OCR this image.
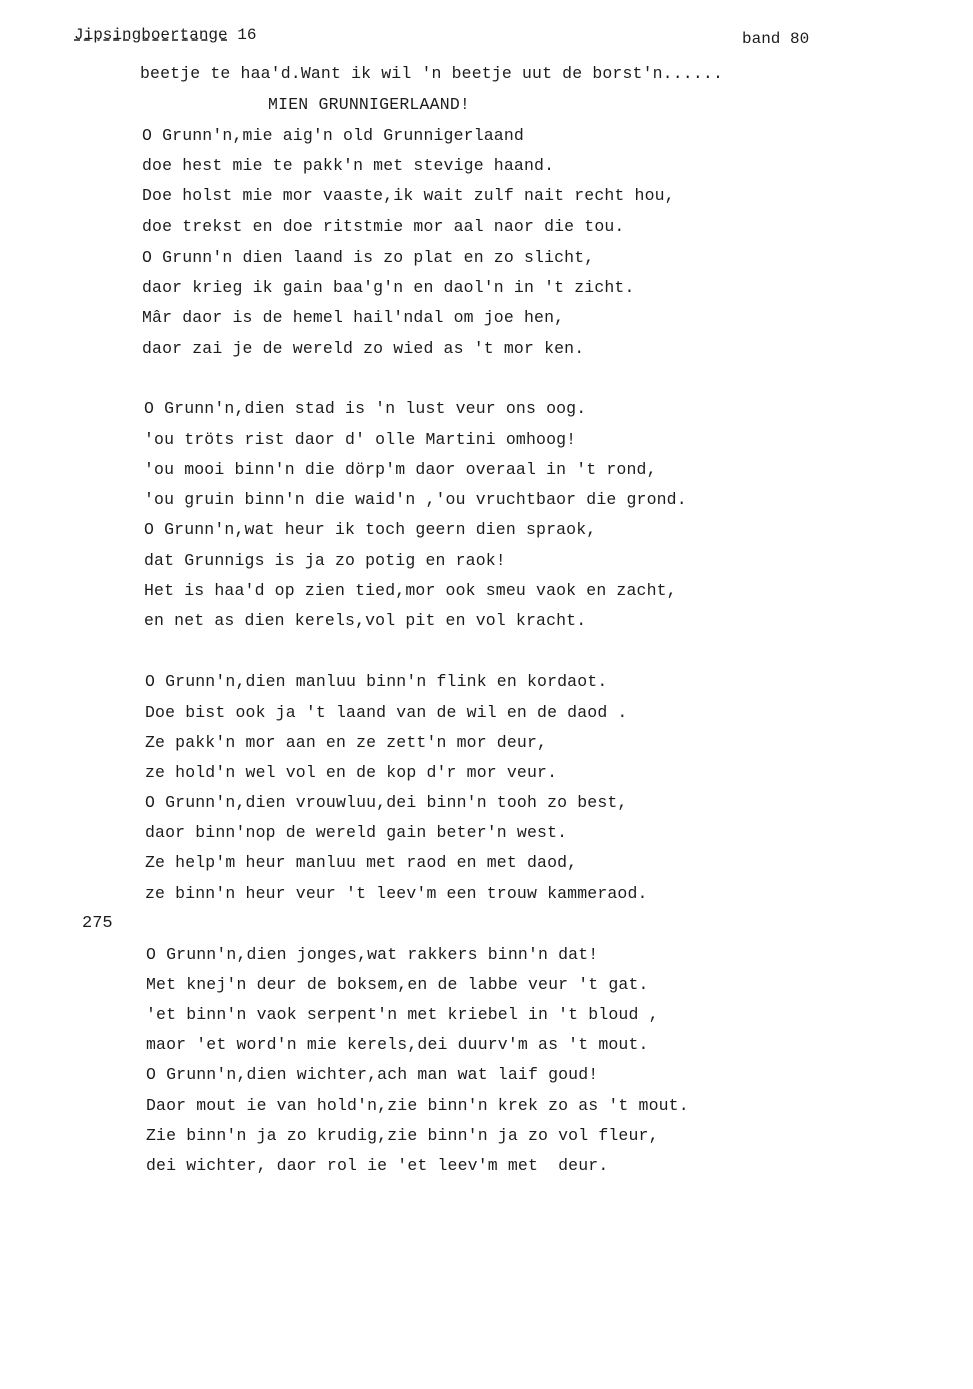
Jipsingboertange 16	band 80
beetje te haa'd.Want ik wil 'n beetje uut de borst'n......
MIEN GRUNNIGERLAAND!
O Grunn'n,mie aig'n old Grunnigerlaand
doe hest mie te pakk'n met stevige haand.
Doe holst mie mor vaaste,ik wait zulf nait recht hou,
doe trekst en doe ritstmie mor aal naor die tou.
O Grunn'n dien laand is zo plat en zo slicht,
daor krieg ik gain baa'g'n en daol'n in 't zicht.
Mâr daor is de hemel hail'ndal om joe hen,
daor zai je de wereld zo wied as 't mor ken.
O Grunn'n,dien stad is 'n lust veur ons oog.
'ou tröts rist daor d' olle Martini omhoog!
'ou mooi binn'n die dörp'm daor overaal in 't rond,
'ou gruin binn'n die waid'n ,'ou vruchtbaor die grond.
O Grunn'n,wat heur ik toch geern dien spraok,
dat Grunnigs is ja zo potig en raok!
Het is haa'd op zien tied,mor ook smeu vaok en zacht,
en net as dien kerels,vol pit en vol kracht.
O Grunn'n,dien manluu binn'n flink en kordaot.
Doe bist ook ja 't laand van de wil en de daod .
Ze pakk'n mor aan en ze zett'n mor deur,
ze hold'n wel vol en de kop d'r mor veur.
O Grunn'n,dien vrouwluu,dei binn'n tooh zo best,
daor binn'nop de wereld gain beter'n west.
Ze help'm heur manluu met raod en met daod,
ze binn'n heur veur 't leev'm een trouw kammeraod.
275
O Grunn'n,dien jonges,wat rakkers binn'n dat!
Met knej'n deur de boksem,en de labbe veur 't gat.
'et binn'n vaok serpent'n met kriebel in 't bloud ,
maor 'et word'n mie kerels,dei duurv'm as 't mout.
O Grunn'n,dien wichter,ach man wat laif goud!
Daor mout ie van hold'n,zie binn'n krek zo as 't mout.
Zie binn'n ja zo krudig,zie binn'n ja zo vol fleur,
dei wichter, daor rol ie 'et leev'm met  deur.
